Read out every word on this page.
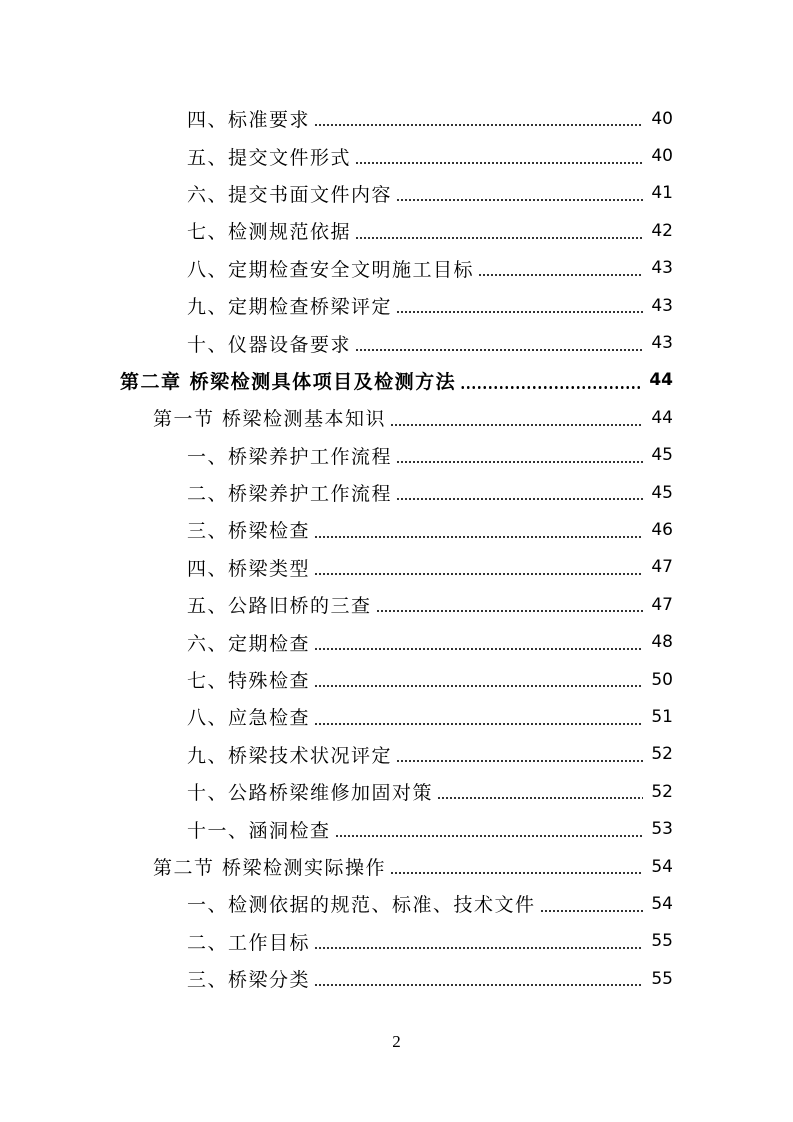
四、标准要求	40
五、提交文件形式	40
六、提交书面文件内容	41
七、检测规范依据	42
八、定期检查安全文明施工目标	43
九、定期检查桥梁评定	43
十、仪器设备要求	43
第二章 桥梁检测具体项目及检测方法	44
第一节 桥梁检测基本知识	44
一、桥梁养护工作流程	45
二、桥梁养护工作流程	45
三、桥梁检查	46
四、桥梁类型	47
五、公路旧桥的三查	47
六、定期检查	48
七、特殊检查	50
八、应急检查	51
九、桥梁技术状况评定	52
十、公路桥梁维修加固对策	52
十一、涵洞检查	53
第二节 桥梁检测实际操作	54
一、检测依据的规范、标准、技术文件	54
二、工作目标	55
三、桥梁分类	55
2
